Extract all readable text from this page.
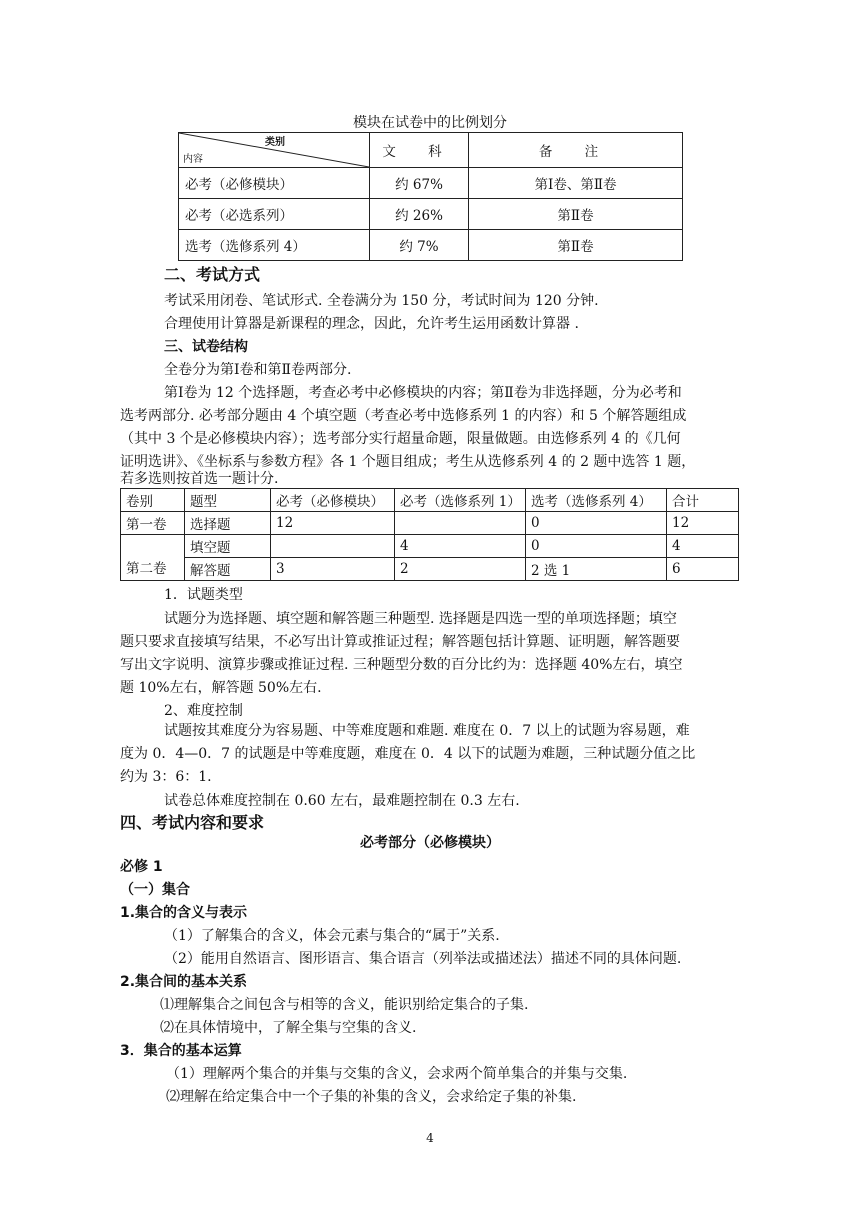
模块在试卷中的比例划分
类别
内容	文 科	备 注
必考（必修模块）	约 67%	第Ⅰ卷、第Ⅱ卷
必考（必选系列）	约 26%	第Ⅱ卷
选考（选修系列 4）	约 7%	第Ⅱ卷
二、考试方式
考试采用闭卷、笔试形式. 全卷满分为 150 分，考试时间为 120 分钟.
合理使用计算器是新课程的理念，因此，允许考生运用函数计算器 .
三、试卷结构
全卷分为第Ⅰ卷和第Ⅱ卷两部分.
第Ⅰ卷为 12 个选择题，考查必考中必修模块的内容；第Ⅱ卷为非选择题，分为必考和
选考两部分. 必考部分题由 4 个填空题（考查必考中选修系列 1 的内容）和 5 个解答题组成
（其中 3 个是必修模块内容）；选考部分实行超量命题，限量做题。由选修系列 4 的《几何
证明选讲》、《坐标系与参数方程》各 1 个题目组成；考生从选修系列 4 的 2 题中选答 1 题，
若多选则按首选一题计分.
卷别	题型	必考（必修模块）	必考（选修系列 1）	选考（选修系列 4）	合计
第一卷	选择题	12		0	12
第二卷	填空题		4	0	4
	解答题	3	2	2 选 1	6
1．试题类型
试题分为选择题、填空题和解答题三种题型. 选择题是四选一型的单项选择题；填空
题只要求直接填写结果，不必写出计算或推证过程；解答题包括计算题、证明题，解答题要
写出文字说明、演算步骤或推证过程. 三种题型分数的百分比约为：选择题 40%左右，填空
题 10%左右，解答题 50%左右.
2、难度控制
试题按其难度分为容易题、中等难度题和难题. 难度在 0．7 以上的试题为容易题，难
度为 0．4—0．7 的试题是中等难度题，难度在 0．4 以下的试题为难题，三种试题分值之比
约为 3：6：1.
试卷总体难度控制在 0.60 左右，最难题控制在 0.3 左右.
四、考试内容和要求
必考部分（必修模块）
必修 1
（一）集合
1.集合的含义与表示
（1）了解集合的含义，体会元素与集合的“属于”关系.
（2）能用自然语言、图形语言、集合语言（列举法或描述法）描述不同的具体问题.
2.集合间的基本关系
⑴理解集合之间包含与相等的含义，能识别给定集合的子集.
⑵在具体情境中，了解全集与空集的含义.
3．集合的基本运算
（1）理解两个集合的并集与交集的含义，会求两个简单集合的并集与交集.
⑵理解在给定集合中一个子集的补集的含义，会求给定子集的补集.
4
